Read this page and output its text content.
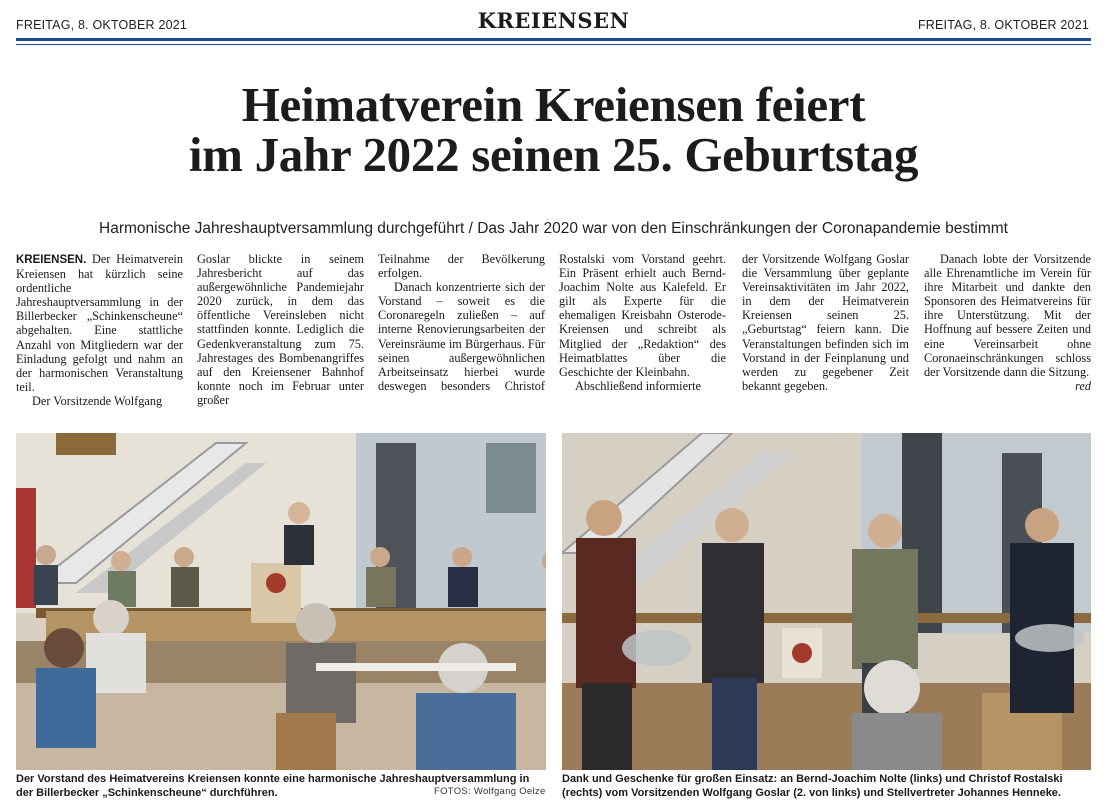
FREITAG, 8. OKTOBER 2021	KREIENSEN	FREITAG, 8. OKTOBER 2021
Heimatverein Kreiensen feiert
im Jahr 2022 seinen 25. Geburtstag
Harmonische Jahreshauptversammlung durchgeführt / Das Jahr 2020 war von den Einschränkungen der Coronapandemie bestimmt

KREIENSEN. Der Heimatverein Kreiensen hat kürzlich seine ordentliche Jahreshauptversammlung in der Billerbecker „Schinkenscheune“ abgehalten. Eine stattliche Anzahl von Mitgliedern war der Einladung gefolgt und nahm an der harmonischen Veranstaltung teil.

Der Vorsitzende Wolfgang

Goslar blickte in seinem Jahresbericht auf das außergewöhnliche Pandemiejahr 2020 zurück, in dem das öffentliche Vereinsleben nicht stattfinden konnte. Lediglich die Gedenkveranstaltung zum 75. Jahrestages des Bombenangriffes auf den Kreiensener Bahnhof konnte noch im Februar unter großer

Teilnahme der Bevölkerung erfolgen.

Danach konzentrierte sich der Vorstand – soweit es die Coronaregeln zuließen – auf interne Renovierungsarbeiten der Vereinsräume im Bürgerhaus. Für seinen außergewöhnlichen Arbeitseinsatz hierbei wurde deswegen besonders Christof

Rostalski vom Vorstand geehrt. Ein Präsent erhielt auch Bernd-Joachim Nolte aus Kalefeld. Er gilt als Experte für die ehemaligen Kreisbahn Osterode-Kreiensen und schreibt als Mitglied der „Redaktion“ des Heimatblattes über die Geschichte der Kleinbahn.

Abschließend informierte

der Vorsitzende Wolfgang Goslar die Versammlung über geplante Vereinsaktivitäten im Jahr 2022, in dem der Heimatverein Kreiensen seinen 25. „Geburtstag“ feiern kann. Die Veranstaltungen befinden sich im Vorstand in der Feinplanung und werden zu gegebener Zeit bekannt gegeben.

Danach lobte der Vorsitzende alle Ehrenamtliche im Verein für ihre Mitarbeit und dankte den Sponsoren des Heimatvereins für ihre Unterstützung. Mit der Hoffnung auf bessere Zeiten und eine Vereinsarbeit ohne Coronaeinschränkungen schloss der Vorsitzende dann die Sitzung.

red

Der Vorstand des Heimatvereins Kreiensen konnte eine harmonische Jahreshauptversammlung in der Billerbecker „Schinkenscheune“ durchführen.	FOTOS: Wolfgang Oelze
Dank und Geschenke für großen Einsatz: an Bernd-Joachim Nolte (links) und Christof Rostalski (rechts) vom Vorsitzenden Wolfgang Goslar (2. von links) und Stellvertreter Johannes Henneke.
